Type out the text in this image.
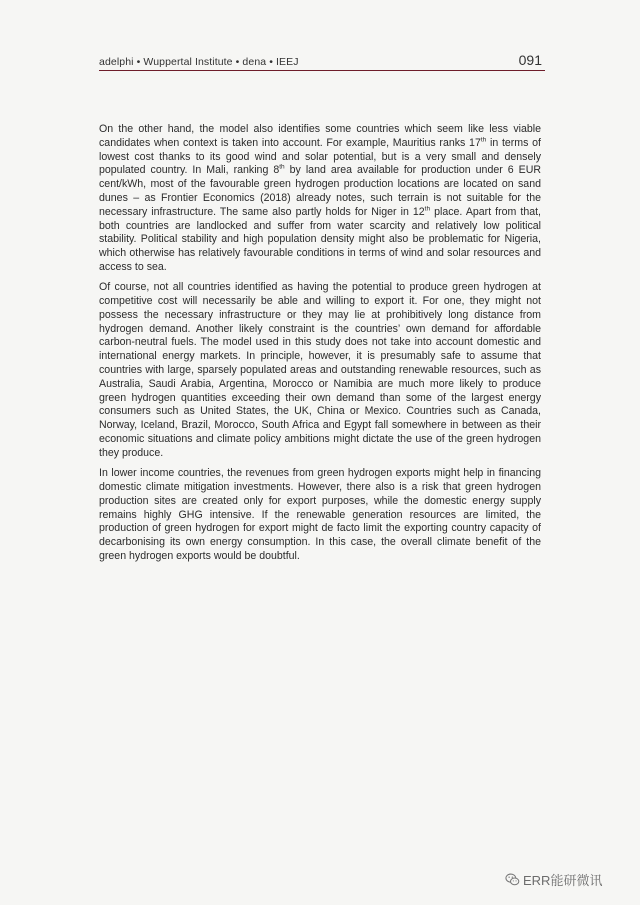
adelphi • Wuppertal Institute • dena • IEEJ	091

On the other hand, the model also identifies some countries which seem like less viable candidates when context is taken into account. For example, Mauritius ranks 17th in terms of lowest cost thanks to its good wind and solar potential, but is a very small and densely populated country. In Mali, ranking 8th by land area available for production under 6 EUR cent/kWh, most of the favourable green hydrogen production locations are located on sand dunes – as Frontier Economics (2018) already notes, such terrain is not suitable for the necessary infrastructure. The same also partly holds for Niger in 12th place. Apart from that, both countries are landlocked and suffer from water scarcity and relatively low political stability. Political stability and high population density might also be problematic for Nigeria, which otherwise has relatively favourable conditions in terms of wind and solar resources and access to sea.

Of course, not all countries identified as having the potential to produce green hydrogen at competitive cost will necessarily be able and willing to export it. For one, they might not possess the necessary infrastructure or they may lie at prohibitively long distance from hydrogen demand. Another likely constraint is the countries’ own demand for affordable carbon-neutral fuels. The model used in this study does not take into account domestic and international energy markets. In principle, however, it is presumably safe to assume that countries with large, sparsely populated areas and outstanding renewable resources, such as Australia, Saudi Arabia, Argentina, Morocco or Namibia are much more likely to produce green hydrogen quantities exceeding their own demand than some of the largest energy consumers such as United States, the UK, China or Mexico. Countries such as Canada, Norway, Iceland, Brazil, Morocco, South Africa and Egypt fall somewhere in between as their economic situations and climate policy ambitions might dictate the use of the green hydrogen they produce.

In lower income countries, the revenues from green hydrogen exports might help in financing domestic climate mitigation investments. However, there also is a risk that green hydrogen production sites are created only for export purposes, while the domestic energy supply remains highly GHG intensive. If the renewable generation resources are limited, the production of green hydrogen for export might de facto limit the exporting country capacity of decarbonising its own energy consumption. In this case, the overall climate benefit of the green hydrogen exports would be doubtful.

ERR能研微讯
